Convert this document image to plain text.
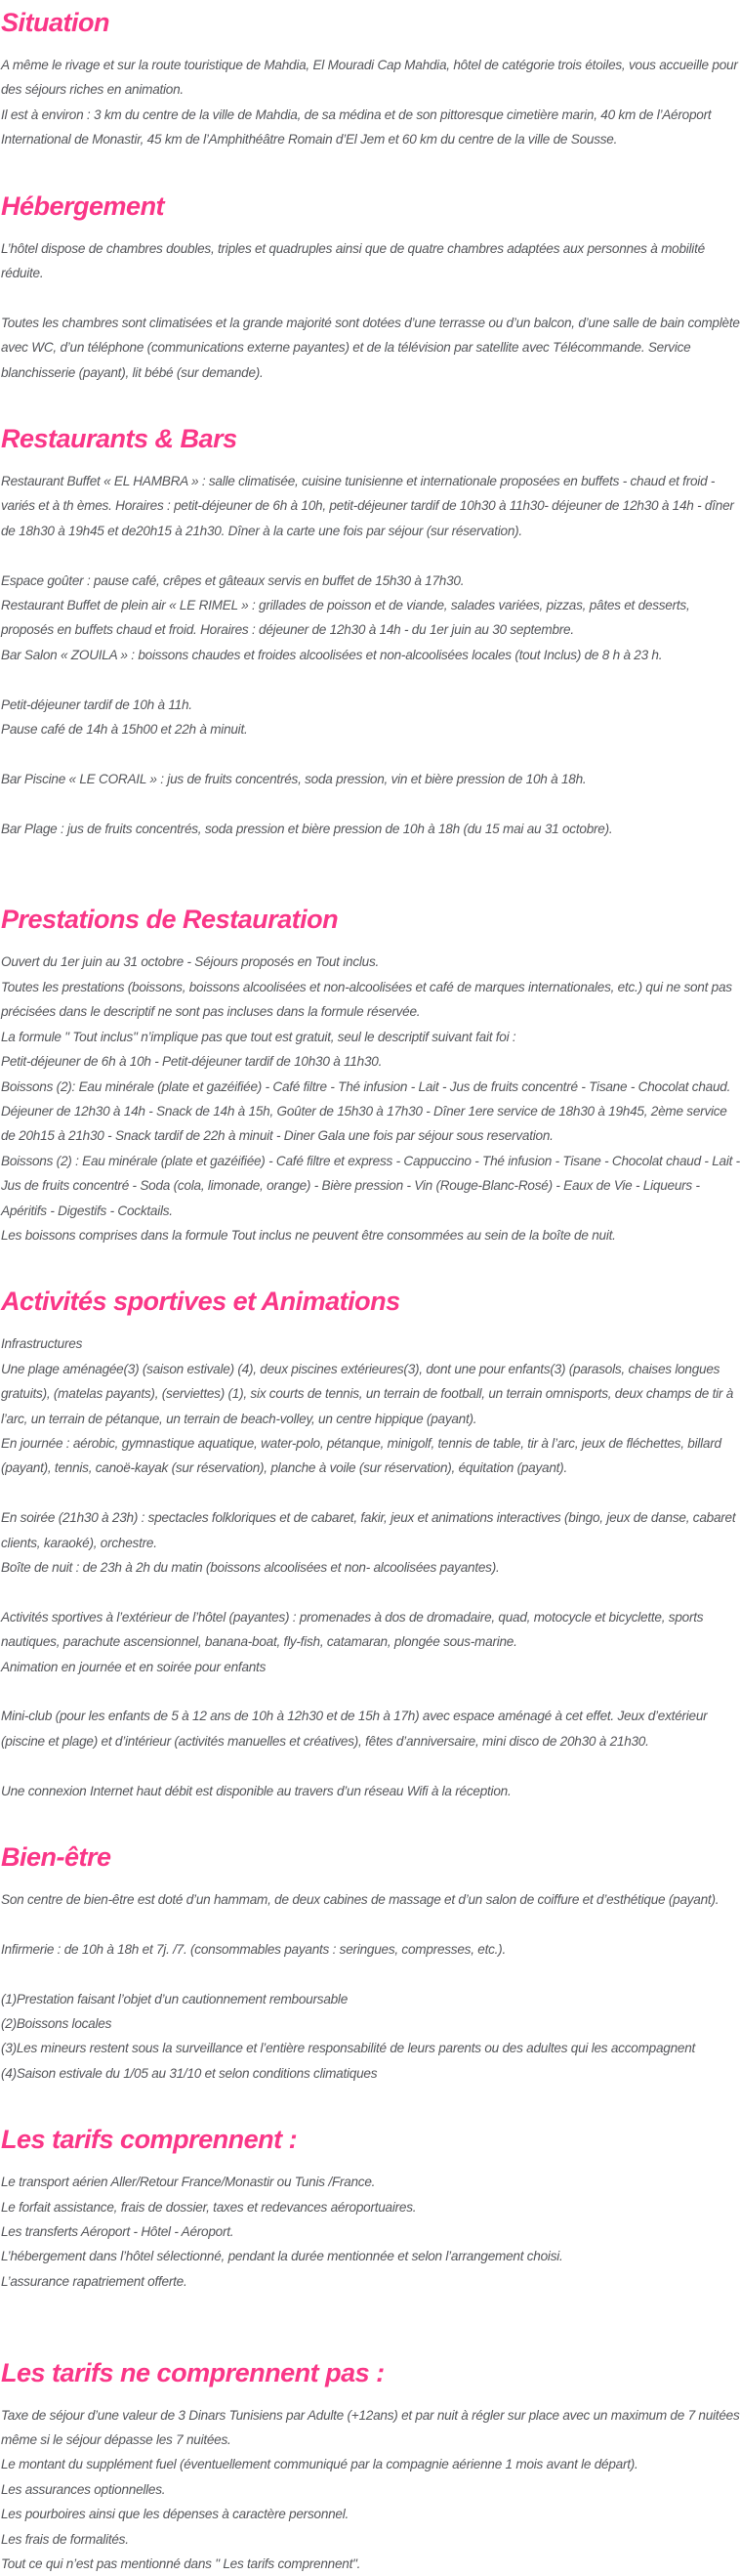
Situation

A même le rivage et sur la route touristique de Mahdia, El Mouradi Cap Mahdia, hôtel de catégorie trois étoiles, vous accueille pour des séjours riches en animation.

Il est à environ : 3 km du centre de la ville de Mahdia, de sa médina et de son pittoresque cimetière marin, 40 km de l’Aéroport International de Monastir, 45 km de l’Amphithéâtre Romain d’El Jem et 60 km du centre de la ville de Sousse.

Hébergement

L’hôtel dispose de chambres doubles, triples et quadruples ainsi que de quatre chambres adaptées aux personnes à mobilité réduite.

Toutes les chambres sont climatisées et la grande majorité sont dotées d’une terrasse ou d’un balcon, d’une salle de bain complète avec WC, d’un téléphone (communications externe payantes) et de la télévision par satellite avec Télécommande. Service blanchisserie (payant), lit bébé (sur demande).

Restaurants & Bars

Restaurant Buffet « EL HAMBRA » : salle climatisée, cuisine tunisienne et internationale proposées en buffets - chaud et froid - variés et à th èmes. Horaires : petit-déjeuner de 6h à 10h, petit-déjeuner tardif de 10h30 à 11h30- déjeuner de 12h30 à 14h - dîner de 18h30 à 19h45 et de20h15 à 21h30. Dîner à la carte une fois par séjour (sur réservation).

Espace goûter : pause café, crêpes et gâteaux servis en buffet de 15h30 à 17h30.

Restaurant Buffet de plein air « LE RIMEL » : grillades de poisson et de viande, salades variées, pizzas, pâtes et desserts, proposés en buffets chaud et froid. Horaires : déjeuner de 12h30 à 14h - du 1er juin au 30 septembre.

Bar Salon « ZOUILA » : boissons chaudes et froides alcoolisées et non-alcoolisées locales (tout Inclus) de 8 h à 23 h.

Petit-déjeuner tardif de 10h à 11h.

Pause café de 14h à 15h00 et 22h à minuit.

Bar Piscine « LE CORAIL » : jus de fruits concentrés, soda pression, vin et bière pression de 10h à 18h.

Bar Plage : jus de fruits concentrés, soda pression et bière pression de 10h à 18h (du 15 mai au 31 octobre).

Prestations de Restauration

Ouvert du 1er juin au 31 octobre - Séjours proposés en Tout inclus.

Toutes les prestations (boissons, boissons alcoolisées et non-alcoolisées et café de marques internationales, etc.) qui ne sont pas précisées dans le descriptif ne sont pas incluses dans la formule réservée.

La formule " Tout inclus" n’implique pas que tout est gratuit, seul le descriptif suivant fait foi :

Petit-déjeuner de 6h à 10h - Petit-déjeuner tardif de 10h30 à 11h30.

Boissons (2): Eau minérale (plate et gazéifiée) - Café filtre - Thé infusion - Lait - Jus de fruits concentré - Tisane - Chocolat chaud.

Déjeuner de 12h30 à 14h - Snack de 14h à 15h, Goûter de 15h30 à 17h30 - Dîner 1ere service de 18h30 à 19h45, 2ème service de 20h15 à 21h30 - Snack tardif de 22h à minuit - Diner Gala une fois par séjour sous reservation.

Boissons (2) : Eau minérale (plate et gazéifiée) - Café filtre et express - Cappuccino - Thé infusion - Tisane - Chocolat chaud - Lait - Jus de fruits concentré - Soda (cola, limonade, orange) - Bière pression - Vin (Rouge-Blanc-Rosé) - Eaux de Vie - Liqueurs - Apéritifs - Digestifs - Cocktails.

Les boissons comprises dans la formule Tout inclus ne peuvent être consommées au sein de la boîte de nuit.

Activités sportives et Animations

Infrastructures

Une plage aménagée(3) (saison estivale) (4), deux piscines extérieures(3), dont une pour enfants(3) (parasols, chaises longues gratuits), (matelas payants), (serviettes) (1), six courts de tennis, un terrain de football, un terrain omnisports, deux champs de tir à l’arc, un terrain de pétanque, un terrain de beach-volley, un centre hippique (payant).

En journée : aérobic, gymnastique aquatique, water-polo, pétanque, minigolf, tennis de table, tir à l’arc, jeux de fléchettes, billard (payant), tennis, canoë-kayak (sur réservation), planche à voile (sur réservation), équitation (payant).

En soirée (21h30 à 23h) : spectacles folkloriques et de cabaret, fakir, jeux et animations interactives (bingo, jeux de danse, cabaret clients, karaoké), orchestre.

Boîte de nuit : de 23h à 2h du matin (boissons alcoolisées et non- alcoolisées payantes).

Activités sportives à l’extérieur de l’hôtel (payantes) : promenades à dos de dromadaire, quad, motocycle et bicyclette, sports nautiques, parachute ascensionnel, banana-boat, fly-fish, catamaran, plongée sous-marine.

Animation en journée et en soirée pour enfants

Mini-club (pour les enfants de 5 à 12 ans de 10h à 12h30 et de 15h à 17h) avec espace aménagé à cet effet. Jeux d’extérieur (piscine et plage) et d’intérieur (activités manuelles et créatives), fêtes d’anniversaire, mini disco de 20h30 à 21h30.

Une connexion Internet haut débit est disponible au travers d’un réseau Wifi à la réception.

Bien-être

Son centre de bien-être est doté d’un hammam, de deux cabines de massage et d’un salon de coiffure et d’esthétique (payant).

Infirmerie : de 10h à 18h et 7j. /7. (consommables payants : seringues, compresses, etc.).

(1)Prestation faisant l’objet d’un cautionnement remboursable

(2)Boissons locales

(3)Les mineurs restent sous la surveillance et l’entière responsabilité de leurs parents ou des adultes qui les accompagnent

(4)Saison estivale du 1/05 au 31/10 et selon conditions climatiques

Les tarifs comprennent :

Le transport aérien Aller/Retour France/Monastir ou Tunis /France.

Le forfait assistance, frais de dossier, taxes et redevances aéroportuaires.

Les transferts Aéroport - Hôtel - Aéroport.

L’hébergement dans l’hôtel sélectionné, pendant la durée mentionnée et selon l’arrangement choisi.

L’assurance rapatriement offerte.

Les tarifs ne comprennent pas :

Taxe de séjour d’une valeur de 3 Dinars Tunisiens par Adulte (+12ans) et par nuit à régler sur place avec un maximum de 7 nuitées même si le séjour dépasse les 7 nuitées.

Le montant du supplément fuel (éventuellement communiqué par la compagnie aérienne 1 mois avant le départ).

Les assurances optionnelles.

Les pourboires ainsi que les dépenses à caractère personnel.

Les frais de formalités.

Tout ce qui n’est pas mentionné dans " Les tarifs comprennent".
